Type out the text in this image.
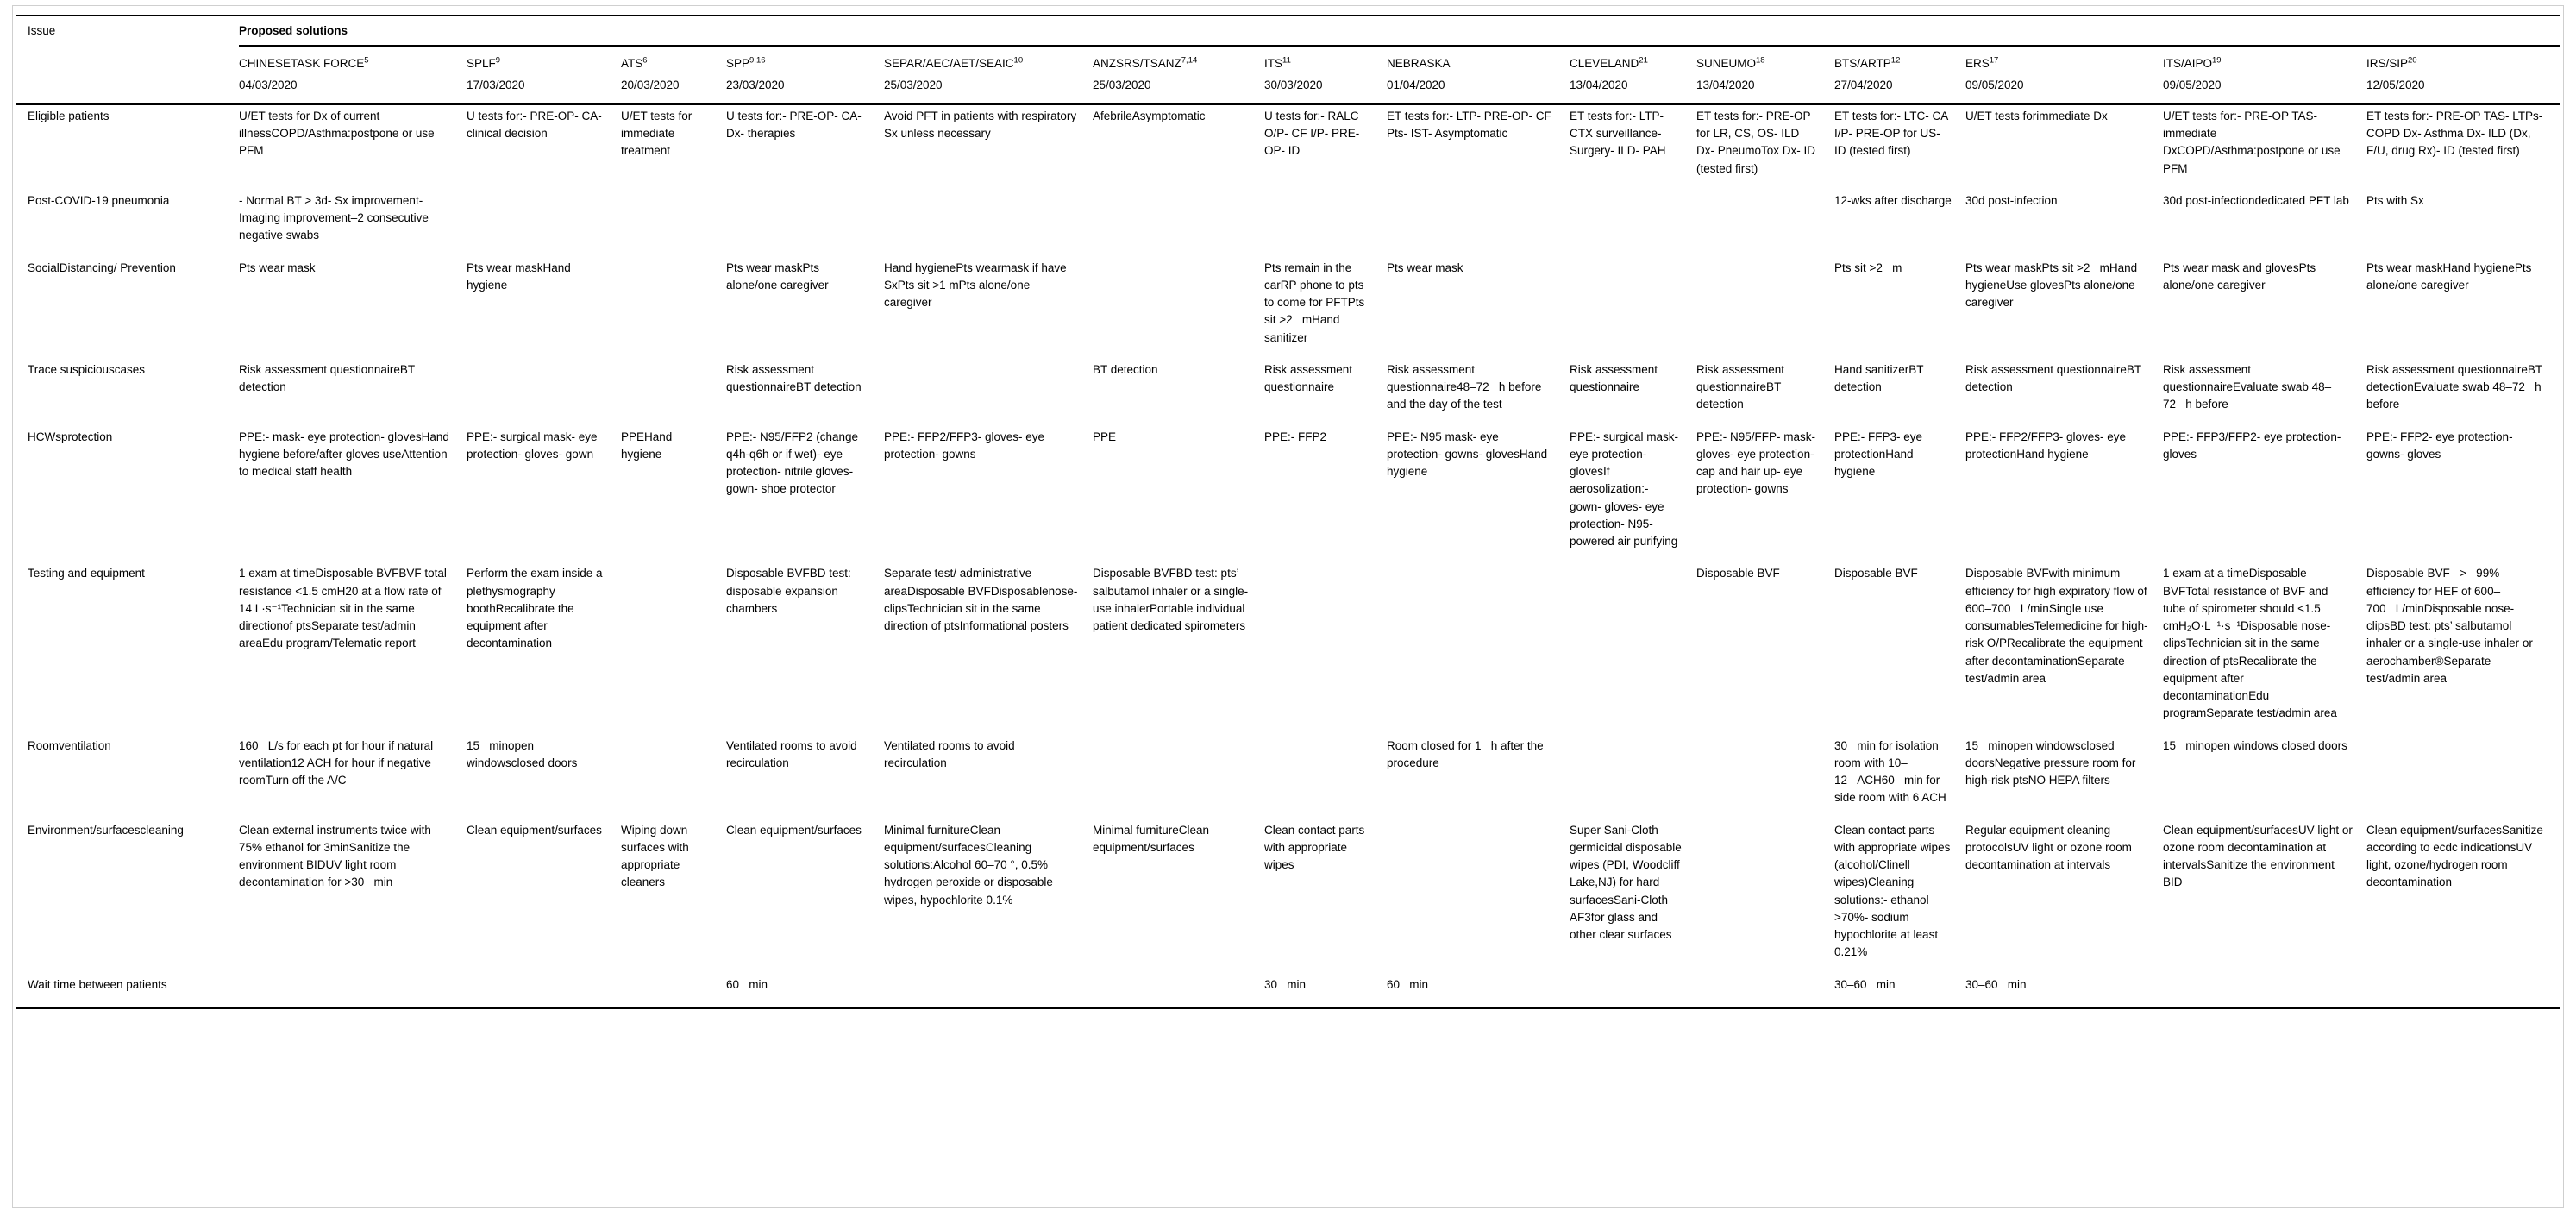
Issue	Proposed solutions													
	CHINESETASK FORCE$^5$	SPLF$^9$	ATS$^6$	SPP$^{9,16}$	SEPAR/AEC/AET/SEAIC$^{10}$	ANZSRS/TSANZ$^{7,14}$	ITS$^{11}$	NEBRASKA	CLEVELAND$^{21}$	SUNEUMO$^{18}$	BTS/ARTP$^{12}$	ERS$^{17}$	ITS/AIPO$^{19}$	IRS/SIP$^{20}$
	04/03/2020	17/03/2020	20/03/2020	23/03/2020	25/03/2020	25/03/2020	30/03/2020	01/04/2020	13/04/2020	13/04/2020	27/04/2020	09/05/2020	09/05/2020	12/05/2020
Eligible patients	U/ET tests for Dx of current illnessCOPD/Asthma:postpone or use PFM	U tests for:- PRE-OP- CA- clinical decision	U/ET tests for immediate treatment	U tests for:- PRE-OP- CA- Dx- therapies	Avoid PFT in patients with respiratory Sx unless necessary	AfebrileAsymptomatic	U tests for:- RALC O/P- CF I/P- PRE-OP- ID	ET tests for:- LTP- PRE-OP- CF Pts- IST- Asymptomatic	ET tests for:- LTP- CTX surveillance- Surgery- ILD- PAH	ET tests for:- PRE-OP for LR, CS, OS- ILD Dx- PneumoTox Dx- ID (tested first)	ET tests for:- LTC- CA I/P- PRE-OP for US- ID (tested first)	U/ET tests forimmediate Dx	U/ET tests for:- PRE-OP TAS- immediate DxCOPD/Asthma:postpone or use PFM	ET tests for:- PRE-OP TAS- LTPs- COPD Dx- Asthma Dx- ILD (Dx, F/U, drug Rx)- ID (tested first)
Post-COVID-19 pneumonia	- Normal BT > 3d- Sx improvement- Imaging improvement–2 consecutive negative swabs										12-wks after discharge	30d post-infection	30d post-infectiondedicated PFT lab	Pts with Sx
SocialDistancing/ Prevention	Pts wear mask	Pts wear maskHand hygiene		Pts wear maskPts alone/one caregiver	Hand hygienePts wearmask if have SxPts sit >1 mPts alone/one caregiver		Pts remain in the carRP phone to pts to come for PFTPts sit >2   mHand sanitizer	Pts wear mask			Pts sit >2   m	Pts wear maskPts sit >2   mHand hygieneUse glovesPts alone/one caregiver	Pts wear mask and glovesPts alone/one caregiver	Pts wear maskHand hygienePts alone/one caregiver
Trace suspiciouscases	Risk assessment questionnaireBT detection			Risk assessment questionnaireBT detection		BT detection	Risk assessment questionnaire	Risk assessment questionnaire48–72   h before and the day of the test	Risk assessment questionnaire	Risk assessment questionnaireBT detection	Hand sanitizerBT detection	Risk assessment questionnaireBT detection	Risk assessment questionnaireEvaluate swab 48–72   h before	Risk assessment questionnaireBT detectionEvaluate swab 48–72   h before
HCWsprotection	PPE:- mask- eye protection- glovesHand hygiene before/after gloves useAttention to medical staff health	PPE:- surgical mask- eye protection- gloves- gown	PPEHand hygiene	PPE:- N95/FFP2 (change q4h-q6h or if wet)- eye protection- nitrile gloves- gown- shoe protector	PPE:- FFP2/FFP3- gloves- eye protection- gowns	PPE	PPE:- FFP2	PPE:- N95 mask- eye protection- gowns- glovesHand hygiene	PPE:- surgical mask- eye protection- glovesIf aerosolization:- gown- gloves- eye protection- N95- powered air purifying	PPE:- N95/FFP- mask- gloves- eye protection- cap and hair up- eye protection- gowns	PPE:- FFP3- eye protectionHand hygiene	PPE:- FFP2/FFP3- gloves- eye protectionHand hygiene	PPE:- FFP3/FFP2- eye protection- gloves	PPE:- FFP2- eye protection- gowns- gloves
Testing and equipment	1 exam at timeDisposable BVFBVF total resistance <1.5 cmH20 at a flow rate of 14 L·s⁻¹Technician sit in the same directionof ptsSeparate test/admin areaEdu program/Telematic report	Perform the exam inside a plethysmography boothRecalibrate the equipment after decontamination		Disposable BVFBD test: disposable expansion chambers	Separate test/ administrative areaDisposable BVFDisposablenose-clipsTechnician sit in the same direction of ptsInformational posters	Disposable BVFBD test: pts’ salbutamol inhaler or a single-use inhalerPortable individual patient dedicated spirometers				Disposable BVF	Disposable BVF	Disposable BVFwith minimum efficiency for high expiratory flow of 600–700   L/minSingle use consumablesTelemedicine for high-risk O/PRecalibrate the equipment after decontaminationSeparate test/admin area	1 exam at a timeDisposable BVFTotal resistance of BVF and tube of spirometer should <1.5 cmH₂O·L⁻¹·s⁻¹Disposable nose-clipsTechnician sit in the same direction of ptsRecalibrate the equipment after decontaminationEdu programSeparate test/admin area	Disposable BVF   >   99% efficiency for HEF of 600–700   L/minDisposable nose-clipsBD test: pts’ salbutamol inhaler or a single-use inhaler or aerochamber®Separate test/admin area
Roomventilation	160   L/s for each pt for hour if natural ventilation12 ACH for hour if negative roomTurn off the A/C	15   minopen windowsclosed doors		Ventilated rooms to avoid recirculation	Ventilated rooms to avoid recirculation			Room closed for 1   h after the procedure			30   min for isolation room with 10–12   ACH60   min for side room with 6 ACH	15   minopen windowsclosed doorsNegative pressure room for high-risk ptsNO HEPA filters	15   minopen windows closed doors	
Environment/surfacescleaning	Clean external instruments twice with 75% ethanol for 3minSanitize the environment BIDUV light room decontamination for >30   min	Clean equipment/surfaces	Wiping down surfaces with appropriate cleaners	Clean equipment/surfaces	Minimal furnitureClean equipment/surfacesCleaning solutions:Alcohol 60–70 °, 0.5% hydrogen peroxide or disposable wipes, hypochlorite 0.1%	Minimal furnitureClean equipment/surfaces	Clean contact parts with appropriate wipes		Super Sani-Cloth germicidal disposable wipes (PDI, Woodcliff Lake,NJ) for hard surfacesSani-Cloth AF3for glass and other clear surfaces		Clean contact parts with appropriate wipes (alcohol/Clinell wipes)Cleaning solutions:- ethanol >70%- sodium hypochlorite at least 0.21%	Regular equipment cleaning protocolsUV light or ozone room decontamination at intervals	Clean equipment/surfacesUV light or ozone room decontamination at intervalsSanitize the environment BID	Clean equipment/surfacesSanitize according to ecdc indicationsUV light, ozone/hydrogen room decontamination
Wait time between patients				60   min			30   min	60   min			30–60   min	30–60   min		
